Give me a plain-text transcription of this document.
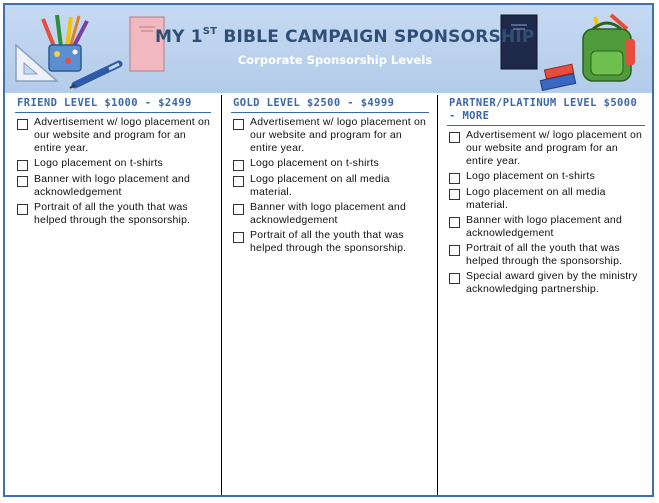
MY 1ST BIBLE CAMPAIGN SPONSORSHIP
Corporate Sponsorship Levels
FRIEND LEVEL $1000 - $2499
Advertisement w/ logo placement on our website and program for an entire year.
Logo placement on t-shirts
Banner with logo placement and acknowledgement
Portrait of all the youth that was helped through the sponsorship.
GOLD LEVEL $2500 - $4999
Advertisement w/ logo placement on our website and program for an entire year.
Logo placement on t-shirts
Logo placement on all media material.
Banner with logo placement and acknowledgement
Portrait of all the youth that was helped through the sponsorship.
PARTNER/PLATINUM LEVEL $5000 - MORE
Advertisement w/ logo placement on our website and program for an entire year.
Logo placement on t-shirts
Logo placement on all media material.
Banner with logo placement and acknowledgement
Portrait of all the youth that was helped through the sponsorship.
Special award given by the ministry acknowledging partnership.
